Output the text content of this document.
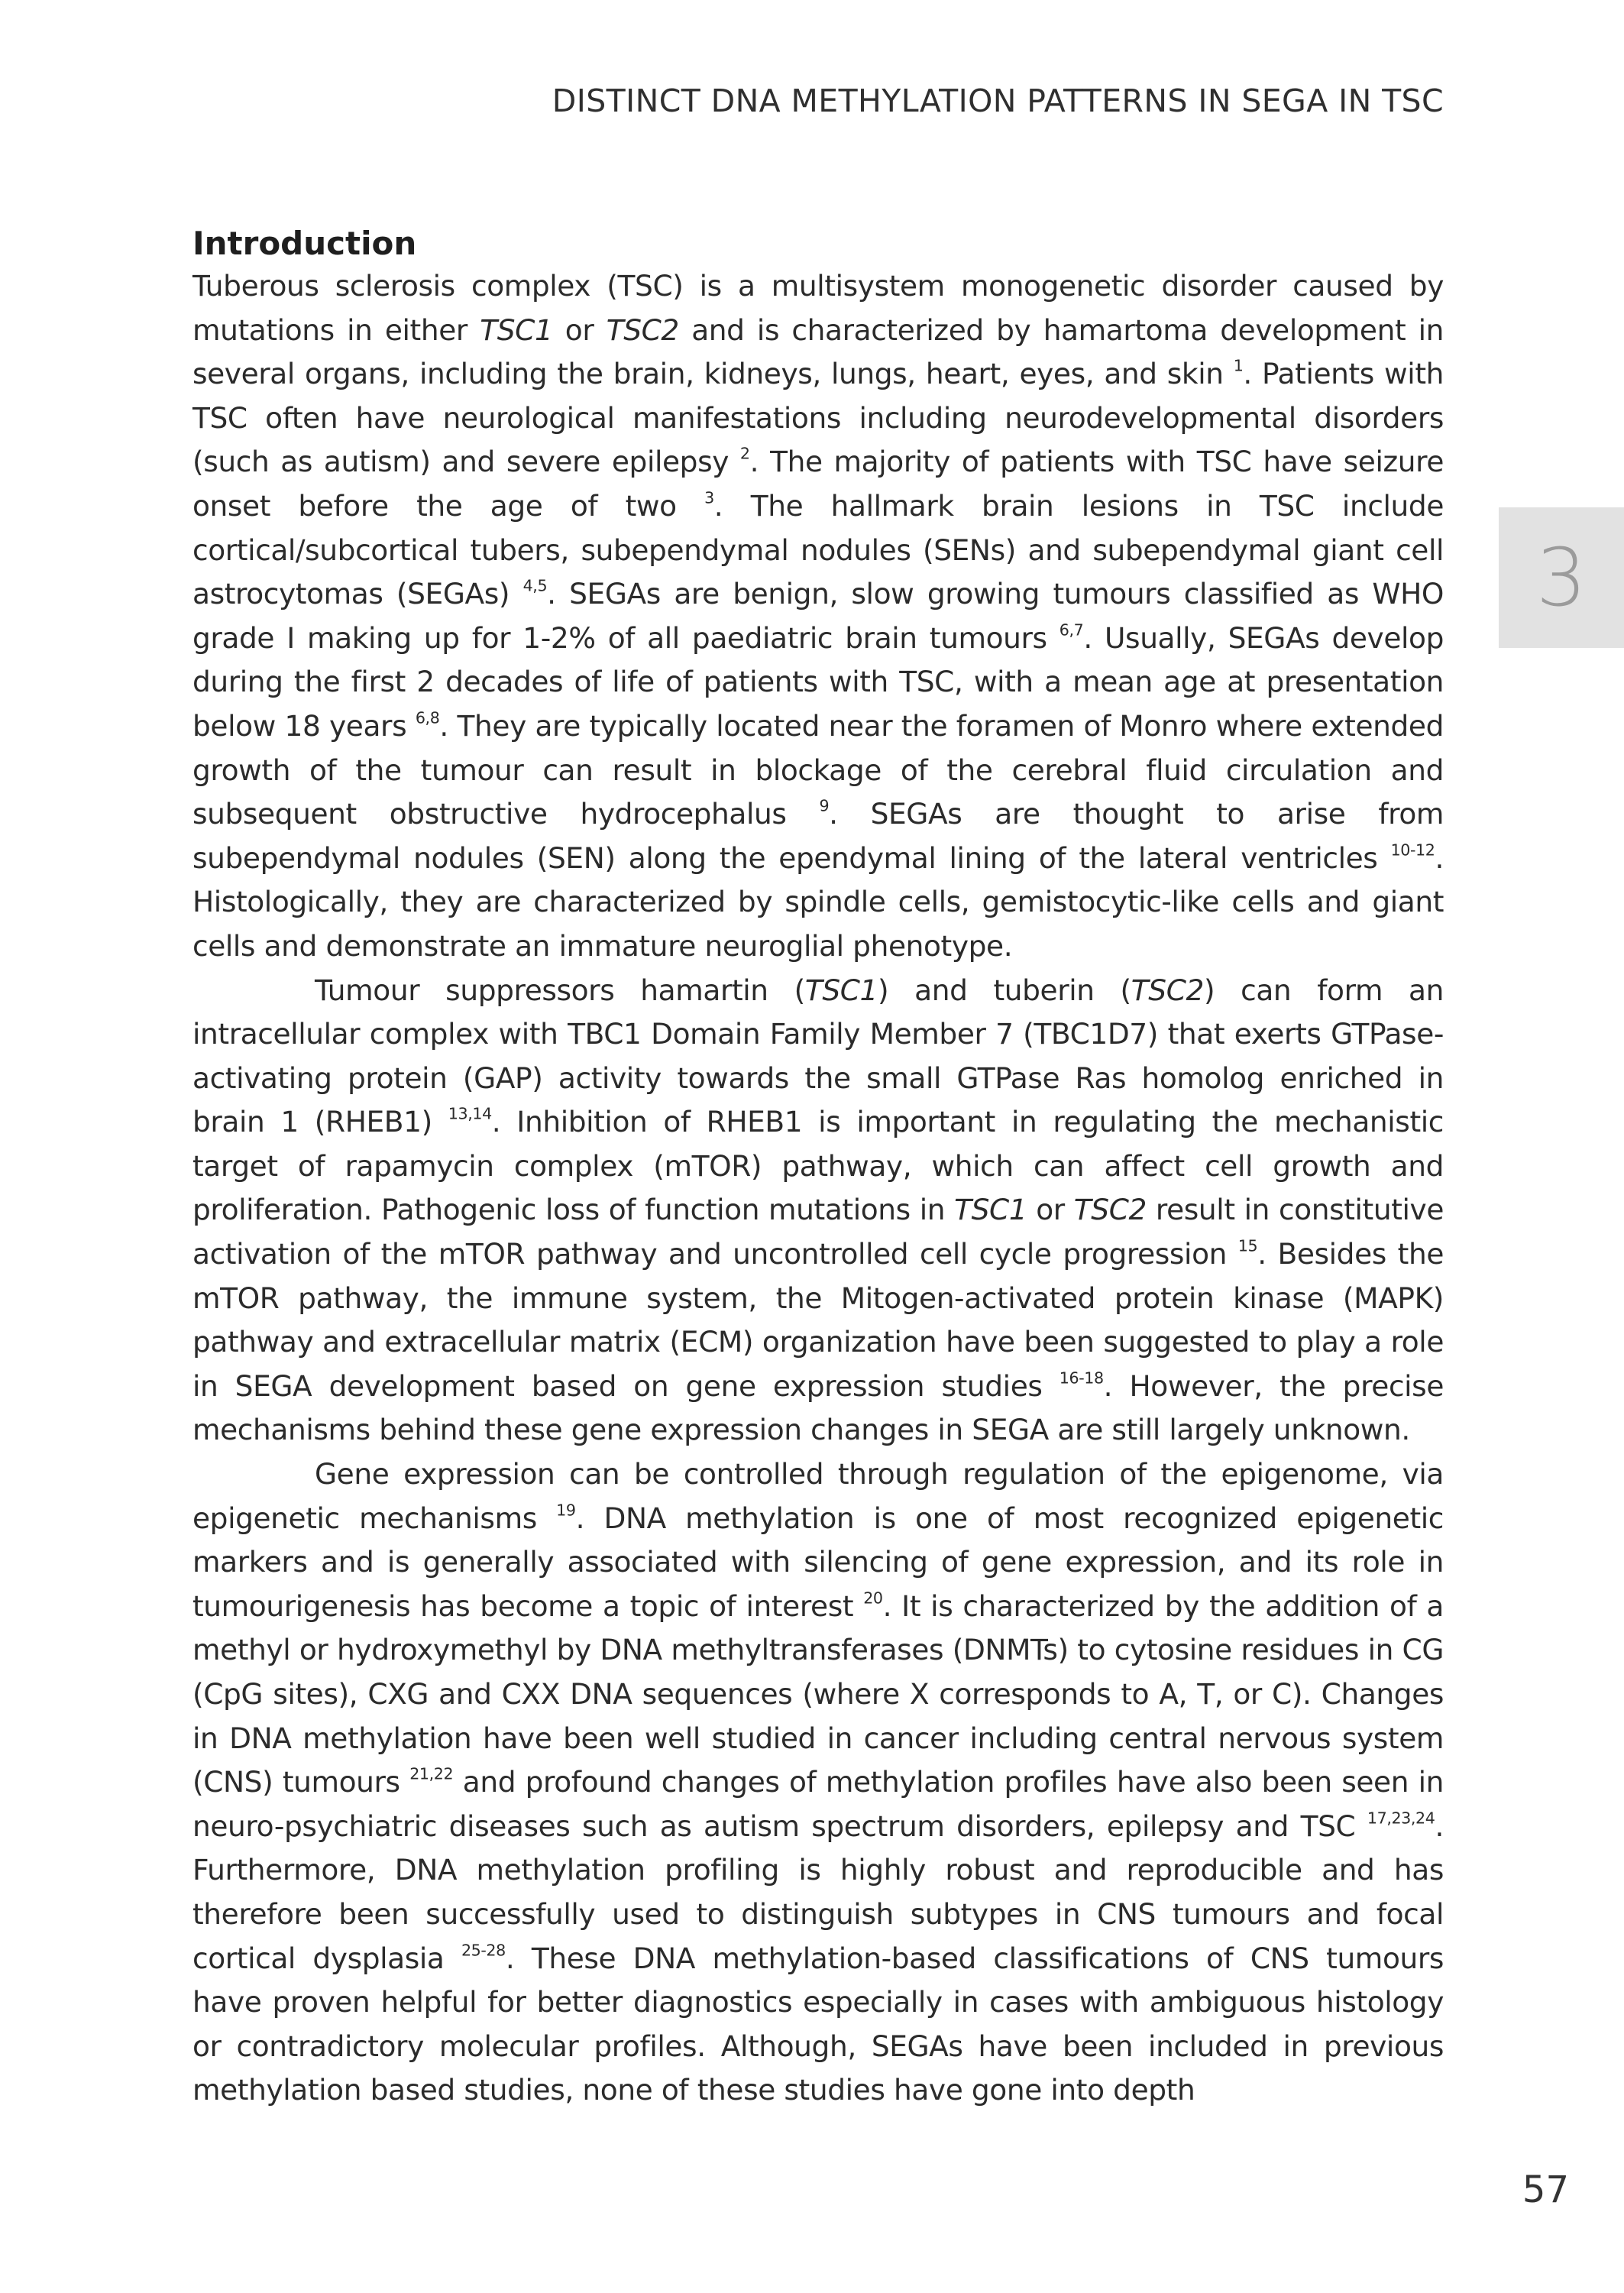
DISTINCT DNA METHYLATION PATTERNS IN SEGA IN TSC
3
Introduction

Tuberous sclerosis complex (TSC) is a multisystem monogenetic disorder caused by mutations in either TSC1 or TSC2 and is characterized by hamartoma development in several organs, including the brain, kidneys, lungs, heart, eyes, and skin $^1$. Patients with TSC often have neurological manifestations including neurodevelopmental disorders (such as autism) and severe epilepsy $^2$. The majority of patients with TSC have seizure onset before the age of two $^3$. The hallmark brain lesions in TSC include cortical/subcortical tubers, subependymal nodules (SENs) and subependymal giant cell astrocytomas (SEGAs) $^{4,5}$. SEGAs are benign, slow growing tumours classified as WHO grade I making up for 1-2% of all paediatric brain tumours $^{6,7}$. Usually, SEGAs develop during the first 2 decades of life of patients with TSC, with a mean age at presentation below 18 years $^{6,8}$. They are typically located near the foramen of Monro where extended growth of the tumour can result in blockage of the cerebral fluid circulation and subsequent obstructive hydrocephalus $^9$. SEGAs are thought to arise from subependymal nodules (SEN) along the ependymal lining of the lateral ventricles $^{10-12}$. Histologically, they are characterized by spindle cells, gemistocytic-like cells and giant cells and demonstrate an immature neuroglial phenotype.

Tumour suppressors hamartin (TSC1) and tuberin (TSC2) can form an intracellular complex with TBC1 Domain Family Member 7 (TBC1D7) that exerts GTPase-activating protein (GAP) activity towards the small GTPase Ras homolog enriched in brain 1 (RHEB1) $^{13,14}$. Inhibition of RHEB1 is important in regulating the mechanistic target of rapamycin complex (mTOR) pathway, which can affect cell growth and proliferation. Pathogenic loss of function mutations in TSC1 or TSC2 result in constitutive activation of the mTOR pathway and uncontrolled cell cycle progression $^{15}$. Besides the mTOR pathway, the immune system, the Mitogen-activated protein kinase (MAPK) pathway and extracellular matrix (ECM) organization have been suggested to play a role in SEGA development based on gene expression studies $^{16-18}$. However, the precise mechanisms behind these gene expression changes in SEGA are still largely unknown.

Gene expression can be controlled through regulation of the epigenome, via epigenetic mechanisms $^{19}$. DNA methylation is one of most recognized epigenetic markers and is generally associated with silencing of gene expression, and its role in tumourigenesis has become a topic of interest $^{20}$. It is characterized by the addition of a methyl or hydroxymethyl by DNA methyltransferases (DNMTs) to cytosine residues in CG (CpG sites), CXG and CXX DNA sequences (where X corresponds to A, T, or C). Changes in DNA methylation have been well studied in cancer including central nervous system (CNS) tumours $^{21,22}$ and profound changes of methylation profiles have also been seen in neuro-psychiatric diseases such as autism spectrum disorders, epilepsy and TSC $^{17,23,24}$. Furthermore, DNA methylation profiling is highly robust and reproducible and has therefore been successfully used to distinguish subtypes in CNS tumours and focal cortical dysplasia $^{25-28}$. These DNA methylation-based classifications of CNS tumours have proven helpful for better diagnostics especially in cases with ambiguous histology or contradictory molecular profiles. Although, SEGAs have been included in previous methylation based studies, none of these studies have gone into depth

57
